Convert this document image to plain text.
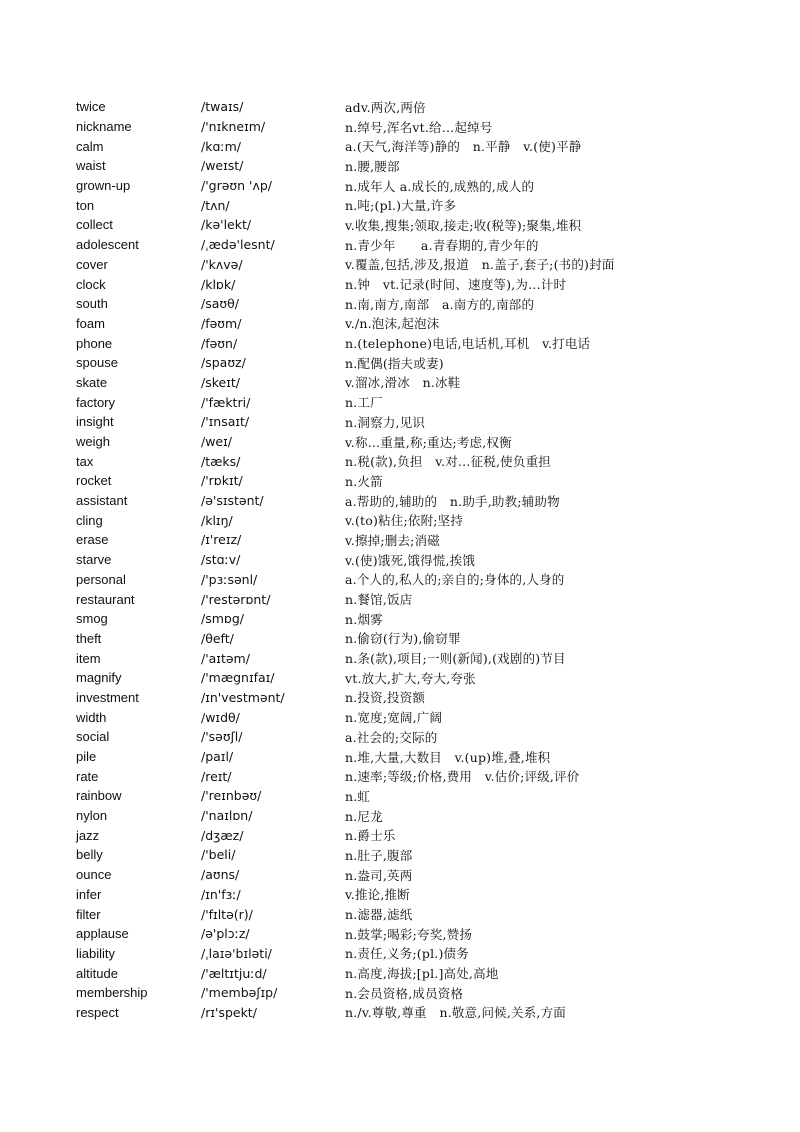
twice	/twaɪs/	adv.两次,两倍
nickname	/'nɪkneɪm/	n.绰号,浑名vt.给…起绰号
calm	/kɑːm/	a.(天气,海洋等)静的　n.平静　v.(使)平静
waist	/weɪst/	n.腰,腰部
grown-up	/'grəʊn 'ʌp/	n.成年人 a.成长的,成熟的,成人的
ton	/tʌn/	n.吨;(pl.)大量,许多
collect	/kə'lekt/	v.收集,搜集;领取,接走;收(税等);聚集,堆积
adolescent	/ˌædə'lesnt/	n.青少年　　a.青春期的,青少年的
cover	/'kʌvə/	v.覆盖,包括,涉及,报道　n.盖子,套子;(书的)封面
clock	/klɒk/	n.钟　vt.记录(时间、速度等),为…计时
south	/saʊθ/	n.南,南方,南部　a.南方的,南部的
foam	/fəʊm/	v./n.泡沫,起泡沫
phone	/fəʊn/	n.(telephone)电话,电话机,耳机　v.打电话
spouse	/spaʊz/	n.配偶(指夫或妻)
skate	/skeɪt/	v.溜冰,滑冰　n.冰鞋
factory	/'fæktri/	n.工厂
insight	/'ɪnsaɪt/	n.洞察力,见识
weigh	/weɪ/	v.称…重量,称;重达;考虑,权衡
tax	/tæks/	n.税(款),负担　v.对…征税,使负重担
rocket	/'rɒkɪt/	n.火箭
assistant	/ə'sɪstənt/	a.帮助的,辅助的　n.助手,助教;辅助物
cling	/klɪŋ/	v.(to)粘住;依附;坚持
erase	/ɪ'reɪz/	v.擦掉;删去;消磁
starve	/stɑːv/	v.(使)饿死,饿得慌,挨饿
personal	/'pɜːsənl/	a.个人的,私人的;亲自的;身体的,人身的
restaurant	/'restərɒnt/	n.餐馆,饭店
smog	/smɒg/	n.烟雾
theft	/θeft/	n.偷窃(行为),偷窃罪
item	/'aɪtəm/	n.条(款),项目;一则(新闻),(戏剧的)节目
magnify	/'mægnɪfaɪ/	vt.放大,扩大,夸大,夸张
investment	/ɪn'vestmənt/	n.投资,投资额
width	/wɪdθ/	n.宽度;宽阔,广阔
social	/'səʊʃl/	a.社会的;交际的
pile	/paɪl/	n.堆,大量,大数目　v.(up)堆,叠,堆积
rate	/reɪt/	n.速率;等级;价格,费用　v.估价;评级,评价
rainbow	/'reɪnbəʊ/	n.虹
nylon	/'naɪlɒn/	n.尼龙
jazz	/dʒæz/	n.爵士乐
belly	/'beli/	n.肚子,腹部
ounce	/aʊns/	n.盎司,英两
infer	/ɪn'fɜː/	v.推论,推断
filter	/'fɪltə(r)/	n.滤器,滤纸
applause	/ə'plɔːz/	n.鼓掌;喝彩;夸奖,赞扬
liability	/ˌlaɪə'bɪləti/	n.责任,义务;(pl.)债务
altitude	/'æltɪtjuːd/	n.高度,海拔;[pl.]高处,高地
membership	/'membəʃɪp/	n.会员资格,成员资格
respect	/rɪ'spekt/	n./v.尊敬,尊重　n.敬意,问候,关系,方面
